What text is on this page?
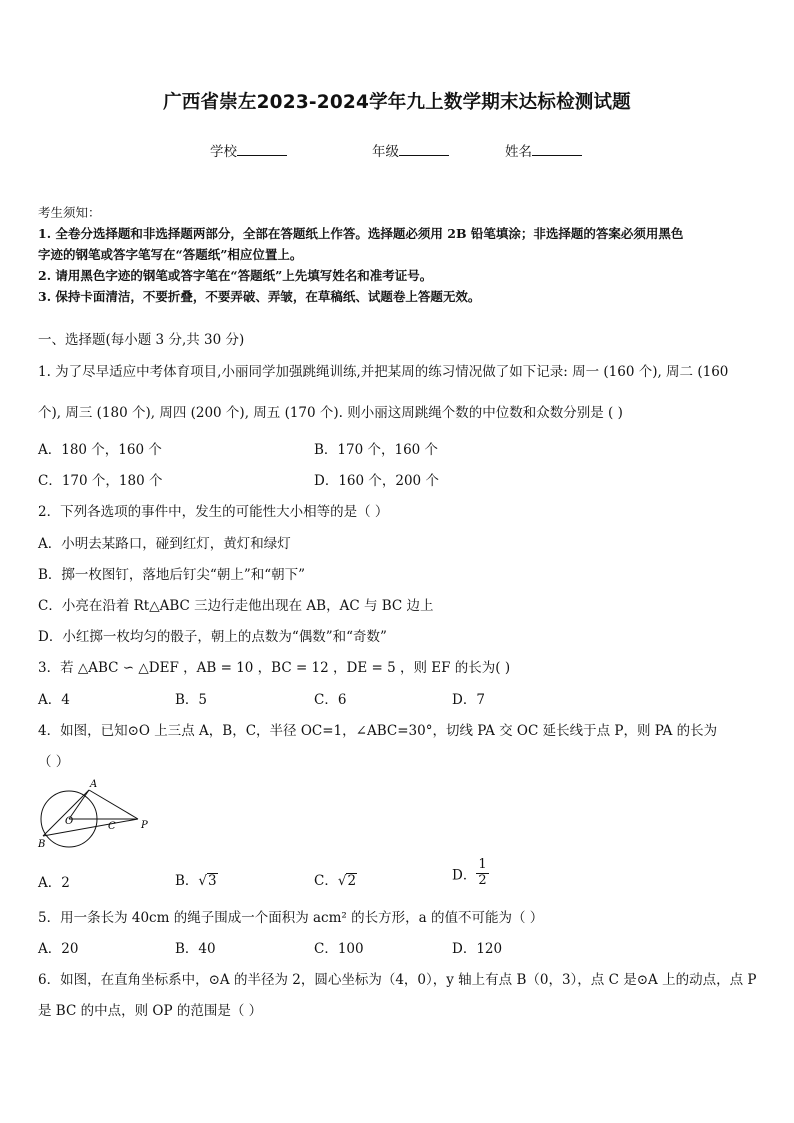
广西省崇左2023-2024学年九上数学期末达标检测试题
学校	年级	姓名
考生须知：
1. 全卷分选择题和非选择题两部分，全部在答题纸上作答。选择题必须用 2B 铅笔填涂；非选择题的答案必须用黑色
字迹的钢笔或答字笔写在“答题纸”相应位置上。
2. 请用黑色字迹的钢笔或答字笔在“答题纸”上先填写姓名和准考证号。
3. 保持卡面清洁，不要折叠，不要弄破、弄皱，在草稿纸、试题卷上答题无效。
一、选择题(每小题 3 分,共 30 分)
1. 为了尽早适应中考体育项目,小丽同学加强跳绳训练,并把某周的练习情况做了如下记录: 周一 (160 个), 周二 (160
个), 周三 (180 个), 周四 (200 个), 周五 (170 个). 则小丽这周跳绳个数的中位数和众数分别是 ( )
A．180 个，160 个	B．170 个，160 个
C．170 个，180 个	D．160 个，200 个
2．下列各选项的事件中，发生的可能性大小相等的是（ ）
A．小明去某路口，碰到红灯，黄灯和绿灯
B．掷一枚图钉，落地后钉尖“朝上”和“朝下”
C．小亮在沿着 Rt△ABC 三边行走他出现在 AB，AC 与 BC 边上
D．小红掷一枚均匀的骰子，朝上的点数为“偶数”和“奇数”
3．若 △ABC ∽ △DEF ，AB = 10 ，BC = 12 ，DE = 5 ，则 EF 的长为( )
A．4	B．5	C．6	D．7
4．如图，已知⊙O 上三点 A，B，C，半径 OC=1，∠ABC=30°，切线 PA 交 OC 延长线于点 P，则 PA 的长为
（ ）
A
O	C	P
B
A．2	B．√3	C．√2	D． $\frac{1}{2}$
5．用一条长为 40cm 的绳子围成一个面积为 acm² 的长方形，a 的值不可能为（ ）
A．20	B．40	C．100	D．120
6．如图，在直角坐标系中，⊙A 的半径为 2，圆心坐标为（4，0），y 轴上有点 B（0，3），点 C 是⊙A 上的动点，点 P
是 BC 的中点，则 OP 的范围是（ ）
